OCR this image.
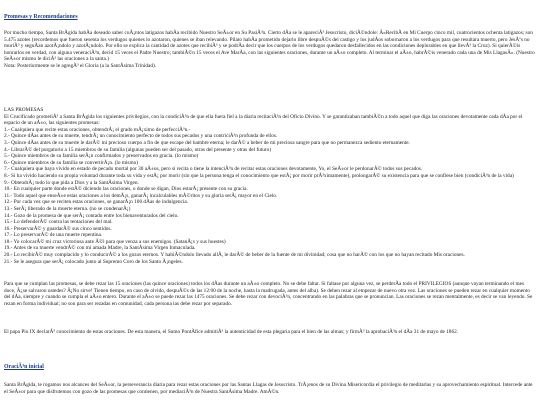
Promesas y Recomendaciones

Por mucho tiempo, Santa BrÃgida habÃa deseado saber cuÃ¡ntos latigazos habÃa recibido Nuestro SeÃ±or en Su PasiÃ³n. Cierto dÃa se le apareciÃ³ Jesucristo, diciÃ©ndole: Â«RecibÃ en Mi Cuerpo cinco mil, cuatrocientos ochenta latigazos; son 5.475 azotes (recordemos que fueron sesenta los verdugos quienes lo azotaron, quienes se iban relevando. Pilato habÃa prometido dejarlo libre despuÃ©s del castigo y los judÃos sobornaron a los verdugos para que resultara muerto, pero JesÃºs no muriÃ³ y seguÃan azotÃ¡ndolo y azotÃ¡ndolo. Por ello se explica la cantidad de azotes que recibiÃ³ y se podrÃa decir que los cuerpos de los verdugos quedaron desfallecidos en las condiciones deplorables en que llevÃ³ la Cruz). Si quierÃ©is honrarlos en verdad, con alguna veneraciÃ³n, decid 15 veces el Padre Nuestro; tambiÃ©n 15 veces el Ave MarÃa, con las siguientes oraciones, durante un aÃ±o completo. Al terminar el aÃ±o, habrÃ©is venerado cada una de Mis LlagasÂ». (Nuestro SeÃ±or mismo le diciÃ³ las oraciones a la santa.)

Nota: Posteriormente se le agregÃ³ el Gloria (a la SantÃsima Trinidad).

LAS PROMESAS

El Crucificado prometiÃ³ a Santa BrÃgida los siguientes privilegios, con la condiciÃ³n de que ella fuera fiel a la diaria recitaciÃ³n del Oficio Divino. Y se garantizaban tambiÃ©n a todo aquel que diga las oraciones devotamente cada dÃa por el espacio de un aÃ±o, las siguientes promesas:

1.- Cualquiera que recite estas oraciones, obtendrÃ¡ el grado mÃ¡ximo de perfecciÃ³n.-
2.- Quince dÃas antes de su muerte, tendrÃ¡ un conocimiento perfecto de todos sus pecados y una contriciÃ³n profunda de ellos.
3.- Quince dÃas antes de su muerte le darÃ© mi precioso cuerpo a fin de que escape del hambre eterna; le darÃ© a beber de mi preciosa sangre para que no permanezca sediento eternamente.
4.- LibrarÃ© del purgatorio a 15 miembros de su familia (algunas pueden ser del pasado, otras del presente y otras del futuro)
5.- Quince miembros de su familia serÃ¡n confirmados y preservados en gracia. (lo mismo)
6.- Quince miembros de su familia se convertirÃ¡n. (lo mismo)
7.- Cualquiera que haya vivido en estado de pecado mortal por 30 aÃ±os, pero si recita o tiene la intenciÃ³n de recitar estas oraciones devotamente, Yo, el SeÃ±or le perdonarÃ© todos sus pecados.
8.- Si ha vivido haciendo su propia voluntad durante toda su vida y estÃ¡ por morir (sin que la persona tenga el conocimiento que estÃ¡ por morir prÃ³ximamente), prolongarÃ© su existencia para que se confiese bien (condiciÃ³n de la vida)
9.- ObtendrÃ¡ todo lo que pida a Dios y a la SantÃsima Virgen.
10.- En cualquier parte donde estÃ© diciendo las oraciones, o donde se digan, Dios estarÃ¡ presente con su gracia.
11.- Todo aquel que enseÃ±e estas oraciones a los demÃ¡s, ganarÃ¡ incalculables mÃ©ritos y su gloria serÃ¡ mayor en el Cielo.
12.- Por cada vez que se reciten estas oraciones, se ganarÃ¡n 100 dÃas de indulgencia.
13.- SerÃ¡ liberado de la muerte eterna. (no se condenarÃ¡)
14.- Gozo de la promesa de que serÃ¡ contado entre los bienaventurados del cielo.
15.- Lo defenderÃ© contra las tentaciones del mal.
16.- PreservarÃ© y guardarÃ© sus cinco sentidos.
17.- Lo preservarÃ© de una muerte repentina.
18.- Yo colocarÃ© mi cruz victoriosa ante Ã©l para que venza a sus enemigos. (SatanÃ¡s y sus huestes)
19.- Antes de su muerte vendrÃ© con mi amada Madre, la SantÃsima Virgen Inmaculada.
20.- Lo recibirÃ© muy complacido y lo conducirÃ© a los gozos eternos. Y habiÃ©ndolo llevado allÃ, le darÃ© de beber de la fuente de mi divinidad; cosa que no harÃ© con los que no hayan recitado Mis oraciones.
21.- Se le asegura que serÃ¡ colocado junto al Supremo Coro de los Santo Ã¡ngeles.

Para que se cumplan las promesas, se debe rezar las 15 oraciones (las quince oraciones) todos los dÃas durante un aÃ±o completo. No se debe faltar. Si faltase por alguna vez, se perderÃa todo el PRIVILEGIOS (aunque vayan terminando el mes doce, Â¿se salvaron ustedes? Â¡No sirve! Tienen tiempo, en caso de olvido, despuÃ©s de las 12:00 de la noche, hasta la madrugada, antes del alba). Se deben rezar al empezar de nuevo otra vez. Las oraciones se pueden rezar en cualquier momento del dÃa, siempre y cuando se cumpla el aÃ±o entero. Durante el aÃ±o se puede rezar las 1475 oraciones. Se debe rezar con devociÃ³n, concentrando en las palabras que se pronuncian. Las oraciones se rezan mentalmente, es decir se van leyendo. Se rezan en forma individual; no son para ser rezadas en comunidad, cada persona las debe rezar por separado.

El papa Pio IX declarÃ³ conocimiento de estas oraciones. De esta manera, el Sumo PontÃfice admitiÃ³ la autenticidad de esta plegaria para el bien de las almas; y firmÃ³ la aprobaciÃ³n el dÃa 31 de mayo de 1862.

OraciÃ³n inicial

Santa BrÃgida, te rogamos nos alcances del SeÃ±or, la perseverancia diaria para rezar estas oraciones por las Santas Llagas de Jesucristo. TrÃ¡enos de su Divina Misericordia el privilegio de meditarlas y su aprovechamiento espiritual. Intercede ante el SeÃ±or para que disfrutemos con gozo de las promesas que contienen, por mediaciÃ³n de Nuestra SantÃsima Madre. AmÃ©n.
